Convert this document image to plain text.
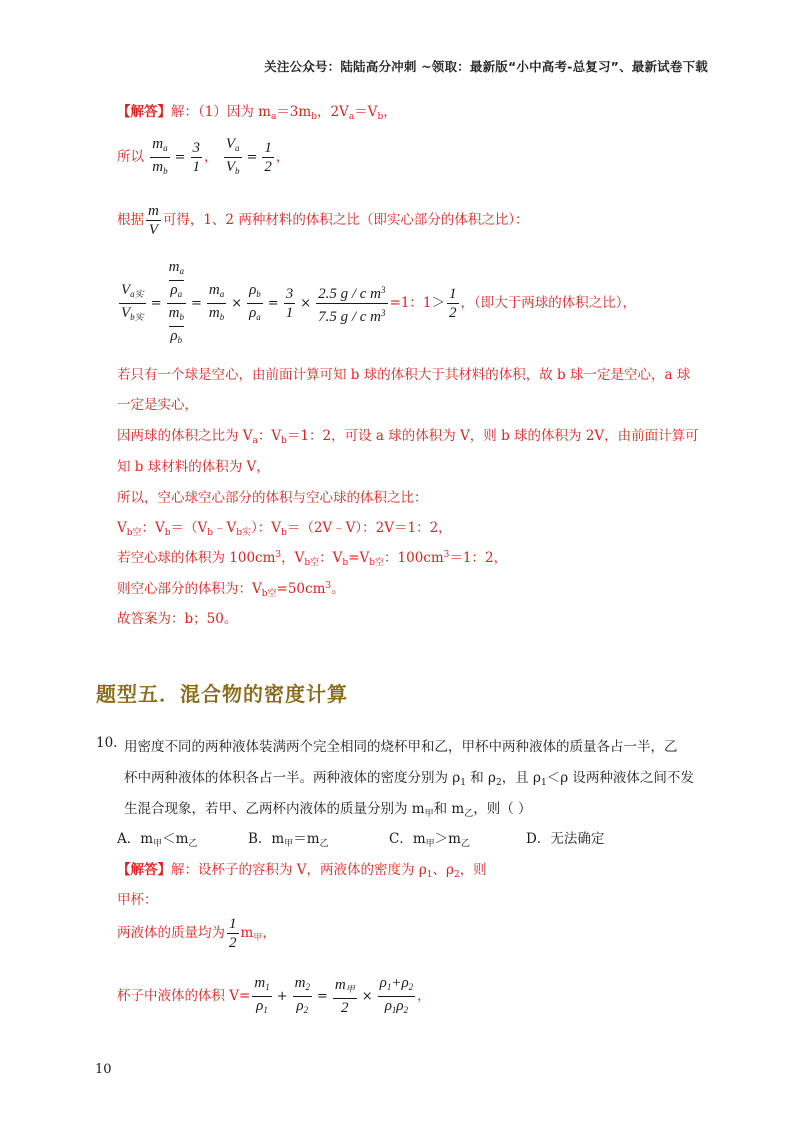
关注公众号：陆陆高分冲刺 ~领取：最新版“小中高考-总复习”、最新试卷下载
【解答】解：（1）因为 $m_a=3m_b$，$2V_a=V_b$，
所以 $\frac{m_a}{m_b} = \frac{3}{1}$ ， $\frac{V_a}{V_b} = \frac{1}{2}$ ，
根据 $\frac{m}{V}$ 可得，1、2 两种材料的体积之比（即实心部分的体积之比）：
$\frac{V_{a实}}{V_{b实}} = \frac{\frac{m_a}{\rho_a}}{\frac{m_b}{\rho_b}} = \frac{m_a}{m_b} \times \frac{\rho_b}{\rho_a} = \frac{3}{1} \times \frac{2.5 g / c m^3}{7.5 g / c m^3} =1$：$1> \frac{1}{2}$ ，（即大于两球的体积之比），
若只有一个球是空心，由前面计算可知 b 球的体积大于其材料的体积，故 b 球一定是空心，a 球
一定是实心，
因两球的体积之比为 $V_a$：$V_b=1$：2，可设 a 球的体积为 V，则 b 球的体积为 2V，由前面计算可
知 b 球材料的体积为 V，
所以，空心球空心部分的体积与空心球的体积之比：
$V_{b空}$：$V_b=(V_b﹣V_{b实})$：$V_b=(2V﹣V)$：2V＝1：2，
若空心球的体积为 $100cm^3$，$V_{b空}$：$V_b=V_{b空}$：$100cm^3=1$：2，
则空心部分的体积为：$V_{b空}=50cm^3$。
故答案为：b；50。
题型五．混合物的密度计算
10. 用密度不同的两种液体装满两个完全相同的烧杯甲和乙，甲杯中两种液体的质量各占一半，乙
杯中两种液体的体积各占一半。两种液体的密度分别为 $\rho_1$ 和 $\rho_2$，且 $\rho_1<\rho$ 设两种液体之间不发
生混合现象，若甲、乙两杯内液体的质量分别为 $m_甲$和 $m_乙$，则（ ）
A．$m_甲<m_乙$	B．$m_甲=m_乙$	C．$m_甲>m_乙$	D．无法确定
【解答】解：设杯子的容积为 V，两液体的密度为 $\rho_1$、$\rho_2$，则
甲杯：
两液体的质量均为 $\frac{1}{2} m_甲$，
杯子中液体的体积 $V= \frac{m_1}{\rho_1} + \frac{m_2}{\rho_2} = \frac{m_甲}{2} \times \frac{\rho_1+\rho_2}{\rho_1\rho_2}$ ，
10
